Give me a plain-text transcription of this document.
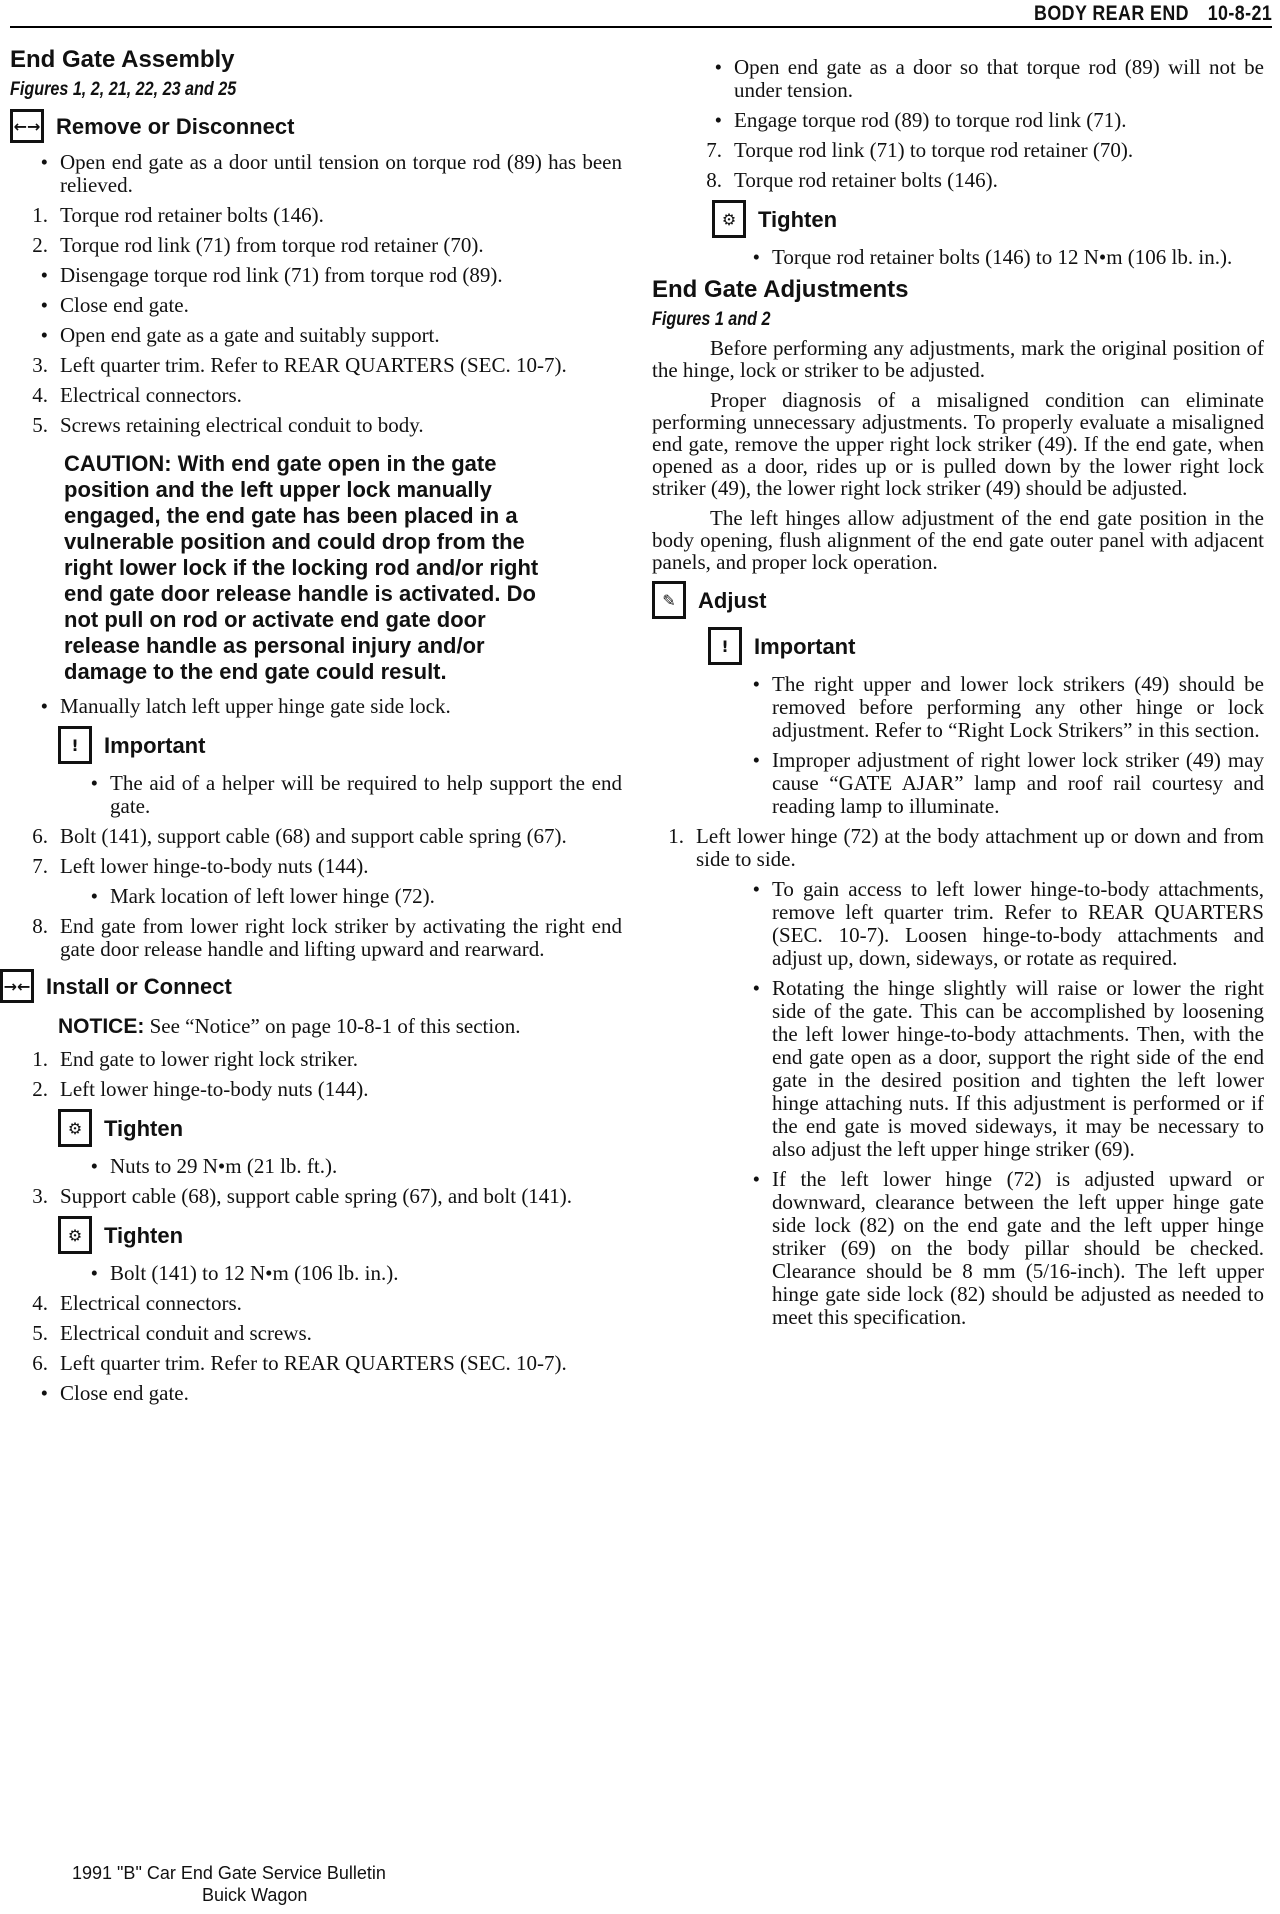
BODY REAR END 10-8-21
End Gate Assembly
Figures 1, 2, 21, 22, 23 and 25
←→ Remove or Disconnect
• Open end gate as a door until tension on torque rod (89) has been relieved.
1. Torque rod retainer bolts (146).
2. Torque rod link (71) from torque rod retainer (70).
• Disengage torque rod link (71) from torque rod (89).
• Close end gate.
• Open end gate as a gate and suitably support.
3. Left quarter trim. Refer to REAR QUARTERS (SEC. 10-7).
4. Electrical connectors.
5. Screws retaining electrical conduit to body.
CAUTION: With end gate open in the gate position and the left upper lock manually engaged, the end gate has been placed in a vulnerable position and could drop from the right lower lock if the locking rod and/or right end gate door release handle is activated. Do not pull on rod or activate end gate door release handle as personal injury and/or damage to the end gate could result.
• Manually latch left upper hinge gate side lock.
!	Important
• The aid of a helper will be required to help support the end gate.
6. Bolt (141), support cable (68) and support cable spring (67).
7. Left lower hinge-to-body nuts (144).
• Mark location of left lower hinge (72).
8. End gate from lower right lock striker by activating the right end gate door release handle and lifting upward and rearward.
→← Install or Connect
NOTICE: See “Notice” on page 10-8-1 of this section.
1. End gate to lower right lock striker.
2. Left lower hinge-to-body nuts (144).
⚙ Tighten
• Nuts to 29 N•m (21 lb. ft.).
3. Support cable (68), support cable spring (67), and bolt (141).
⚙ Tighten
• Bolt (141) to 12 N•m (106 lb. in.).
4. Electrical connectors.
5. Electrical conduit and screws.
6. Left quarter trim. Refer to REAR QUARTERS (SEC. 10-7).
• Close end gate.
• Open end gate as a door so that torque rod (89) will not be under tension.
• Engage torque rod (89) to torque rod link (71).
7. Torque rod link (71) to torque rod retainer (70).
8. Torque rod retainer bolts (146).
⚙ Tighten
• Torque rod retainer bolts (146) to 12 N•m (106 lb. in.).
End Gate Adjustments
Figures 1 and 2

Before performing any adjustments, mark the original position of the hinge, lock or striker to be adjusted.

Proper diagnosis of a misaligned condition can eliminate performing unnecessary adjustments. To properly evaluate a misaligned end gate, remove the upper right lock striker (49). If the end gate, when opened as a door, rides up or is pulled down by the lower right lock striker (49), the lower right lock striker (49) should be adjusted.

The left hinges allow adjustment of the end gate position in the body opening, flush alignment of the end gate outer panel with adjacent panels, and proper lock operation.

✎	Adjust
!	Important
• The right upper and lower lock strikers (49) should be removed before performing any other hinge or lock adjustment. Refer to “Right Lock Strikers” in this section.
• Improper adjustment of right lower lock striker (49) may cause “GATE AJAR” lamp and roof rail courtesy and reading lamp to illuminate.
1. Left lower hinge (72) at the body attachment up or down and from side to side.
• To gain access to left lower hinge-to-body attachments, remove left quarter trim. Refer to REAR QUARTERS (SEC. 10-7). Loosen hinge-to-body attachments and adjust up, down, sideways, or rotate as required.
• Rotating the hinge slightly will raise or lower the right side of the gate. This can be accomplished by loosening the left lower hinge-to-body attachments. Then, with the end gate open as a door, support the right side of the end gate in the desired position and tighten the left lower hinge attaching nuts. If this adjustment is performed or if the end gate is moved sideways, it may be necessary to also adjust the left upper hinge striker (69).
• If the left lower hinge (72) is adjusted upward or downward, clearance between the left upper hinge gate side lock (82) on the end gate and the left upper hinge striker (69) on the body pillar should be checked. Clearance should be 8 mm (5/16-inch). The left upper hinge gate side lock (82) should be adjusted as needed to meet this specification.
1991 "B" Car End Gate Service Bulletin
Buick Wagon
